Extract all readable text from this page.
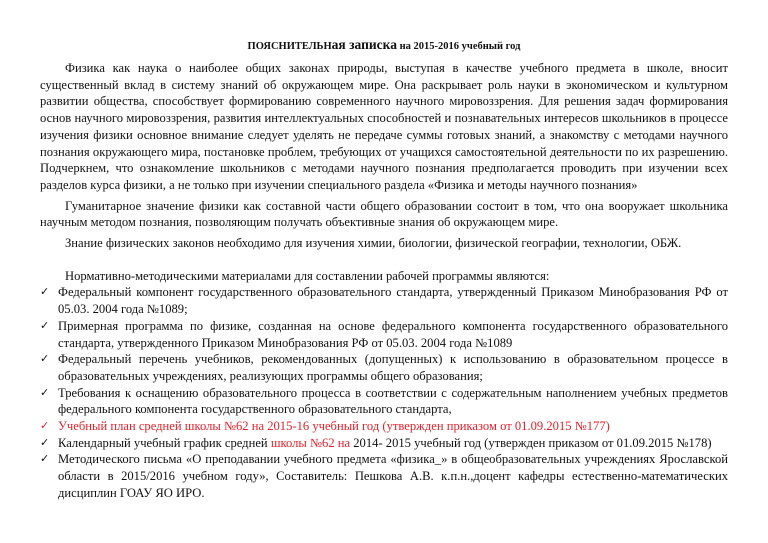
ПОЯСНИТЕЛЬНая записка на 2015-2016 учебный год

Физика как наука о наиболее общих законах природы, выступая в качестве учебного предмета в школе, вносит существенный вклад в систему знаний об окружающем мире. Она раскрывает роль науки в экономическом и культурном развитии общества, способствует формированию современного научного мировоззрения. Для решения задач формирования основ научного мировоззрения, развития интеллектуальных способностей и познавательных интересов школьников в процессе изучения физики основное внимание следует уделять не передаче суммы готовых знаний, а знакомству с методами научного познания окружающего мира, постановке проблем, требующих от учащихся самостоятельной деятельности по их разрешению. Подчеркнем, что ознакомление школьников с методами научного познания предполагается проводить при изучении всех разделов курса физики, а не только при изучении специального раздела «Физика и методы научного познания»

Гуманитарное значение физики как составной части общего образовании состоит в том, что она вооружает школьника научным методом познания, позволяющим получать объективные знания об окружающем мире.

Знание физических законов необходимо для изучения химии, биологии, физической географии, технологии, ОБЖ.

Нормативно-методическими материалами для составлении рабочей программы являются:

✓ Федеральный компонент государственного образовательного стандарта, утвержденный Приказом Минобразования РФ от 05.03. 2004 года №1089;
✓ Примерная программа по физике, созданная на основе федерального компонента государственного образовательного стандарта, утвержденного Приказом Минобразования РФ от 05.03. 2004 года №1089
✓ Федеральный перечень учебников, рекомендованных (допущенных) к использованию в образовательном процессе в образовательных учреждениях, реализующих программы общего образования;
✓ Требования к оснащению образовательного процесса в соответствии с содержательным наполнением учебных предметов федерального компонента государственного образовательного стандарта,
✓ Учебный план средней школы №62 на 2015-16 учебный год (утвержден приказом от 01.09.2015 №177)
✓ Календарный учебный график средней школы №62 на 2014- 2015 учебный год (утвержден приказом от 01.09.2015 №178)
✓ Методического письма «О преподавании учебного предмета «физика_» в общеобразовательных учреждениях Ярославской области в 2015/2016 учебном году», Составитель: Пешкова А.В. к.п.н.,доцент кафедры естественно-математических дисциплин ГОАУ ЯО ИРО.
